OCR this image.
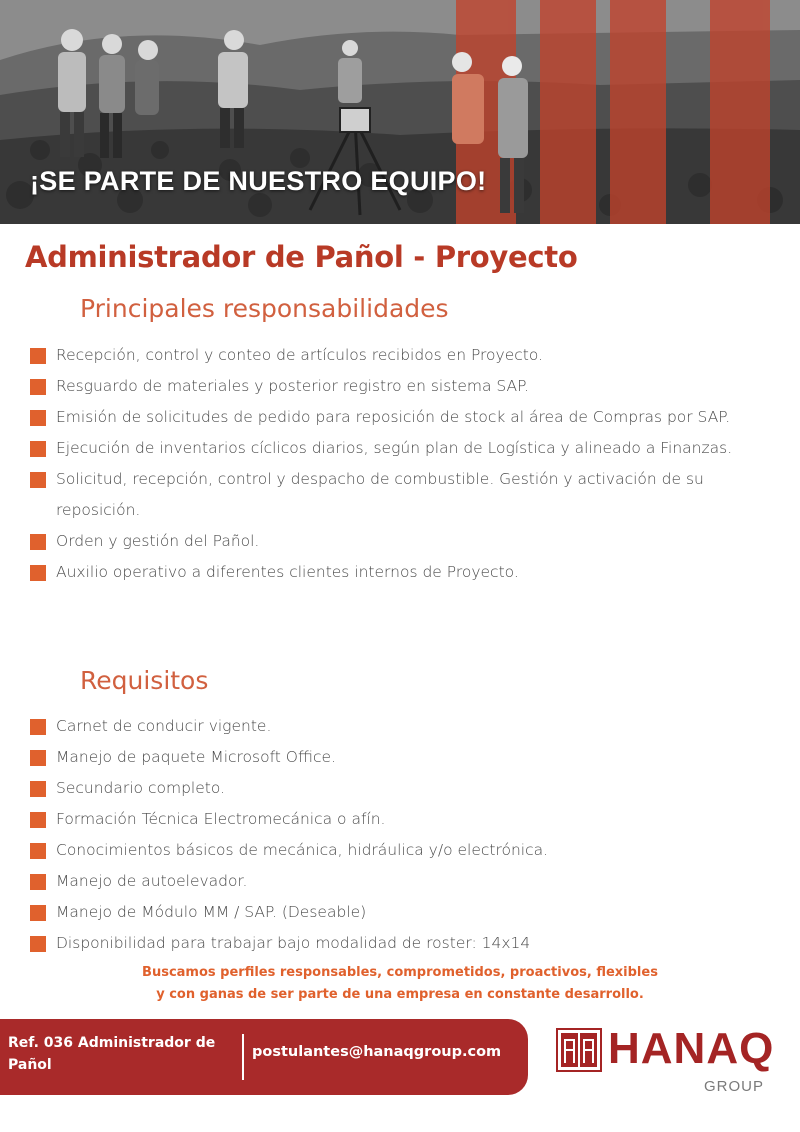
¡SE PARTE DE NUESTRO EQUIPO!
Administrador de Pañol - Proyecto
Principales responsabilidades
Recepción, control y conteo de artículos recibidos en Proyecto.
Resguardo de materiales y posterior registro en sistema SAP.
Emisión de solicitudes de pedido para reposición de stock al área de Compras por SAP.
Ejecución de inventarios cíclicos diarios, según plan de Logística y alineado a Finanzas.
Solicitud, recepción, control y despacho de combustible. Gestión y activación de su reposición.
Orden y gestión del Pañol.
Auxilio operativo a diferentes clientes internos de Proyecto.
Requisitos
Carnet de conducir vigente.
Manejo de paquete Microsoft Office.
Secundario completo.
Formación Técnica Electromecánica o afín.
Conocimientos básicos de mecánica, hidráulica y/o electrónica.
Manejo de autoelevador.
Manejo de Módulo MM / SAP. (Deseable)
Disponibilidad para trabajar bajo modalidad de roster: 14x14
Buscamos perfiles responsables, comprometidos, proactivos, flexibles
y con ganas de ser parte de una empresa en constante desarrollo.
Ref. 036 Administrador de Pañol
postulantes@hanaqgroup.com HANAQ
GROUP
